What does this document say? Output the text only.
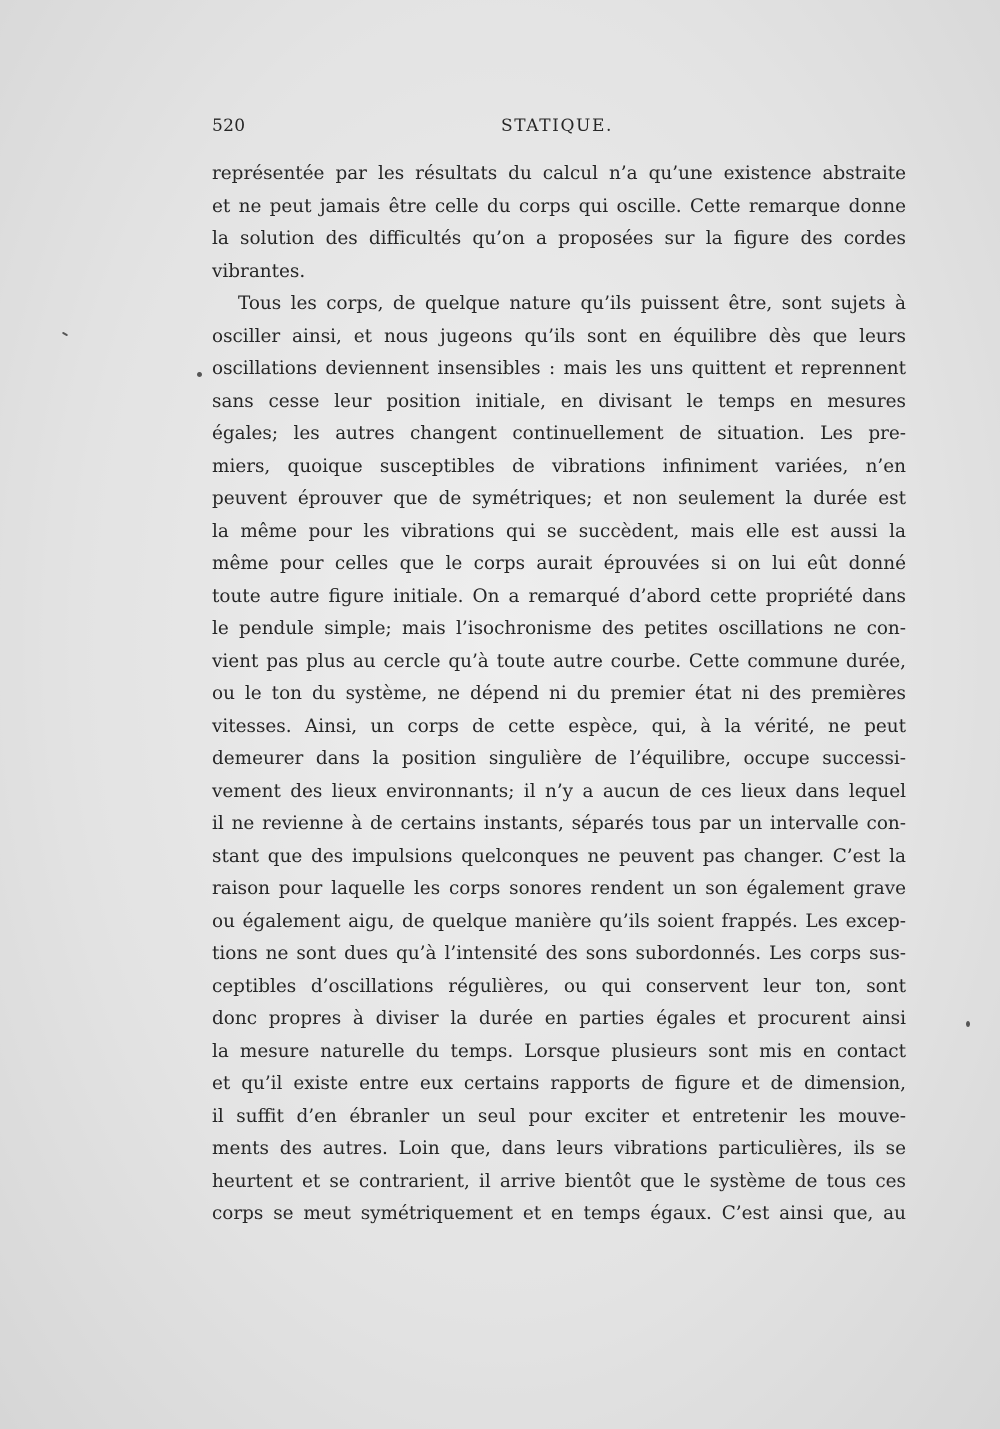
520	STATIQUE.
représentée par les résultats du calcul n’a qu’une existence abstraite
et ne peut jamais être celle du corps qui oscille. Cette remarque donne
la solution des difficultés qu’on a proposées sur la figure des cordes
vibrantes.
Tous les corps, de quelque nature qu’ils puissent être, sont sujets à
osciller ainsi, et nous jugeons qu’ils sont en équilibre dès que leurs
oscillations deviennent insensibles : mais les uns quittent et reprennent
sans cesse leur position initiale, en divisant le temps en mesures
égales; les autres changent continuellement de situation. Les pre-
miers, quoique susceptibles de vibrations infiniment variées, n’en
peuvent éprouver que de symétriques; et non seulement la durée est
la même pour les vibrations qui se succèdent, mais elle est aussi la
même pour celles que le corps aurait éprouvées si on lui eût donné
toute autre figure initiale. On a remarqué d’abord cette propriété dans
le pendule simple; mais l’isochronisme des petites oscillations ne con-
vient pas plus au cercle qu’à toute autre courbe. Cette commune durée,
ou le ton du système, ne dépend ni du premier état ni des premières
vitesses. Ainsi, un corps de cette espèce, qui, à la vérité, ne peut
demeurer dans la position singulière de l’équilibre, occupe successi-
vement des lieux environnants; il n’y a aucun de ces lieux dans lequel
il ne revienne à de certains instants, séparés tous par un intervalle con-
stant que des impulsions quelconques ne peuvent pas changer. C’est la
raison pour laquelle les corps sonores rendent un son également grave
ou également aigu, de quelque manière qu’ils soient frappés. Les excep-
tions ne sont dues qu’à l’intensité des sons subordonnés. Les corps sus-
ceptibles d’oscillations régulières, ou qui conservent leur ton, sont
donc propres à diviser la durée en parties égales et procurent ainsi
la mesure naturelle du temps. Lorsque plusieurs sont mis en contact
et qu’il existe entre eux certains rapports de figure et de dimension,
il suffit d’en ébranler un seul pour exciter et entretenir les mouve-
ments des autres. Loin que, dans leurs vibrations particulières, ils se
heurtent et se contrarient, il arrive bientôt que le système de tous ces
corps se meut symétriquement et en temps égaux. C’est ainsi que, au
